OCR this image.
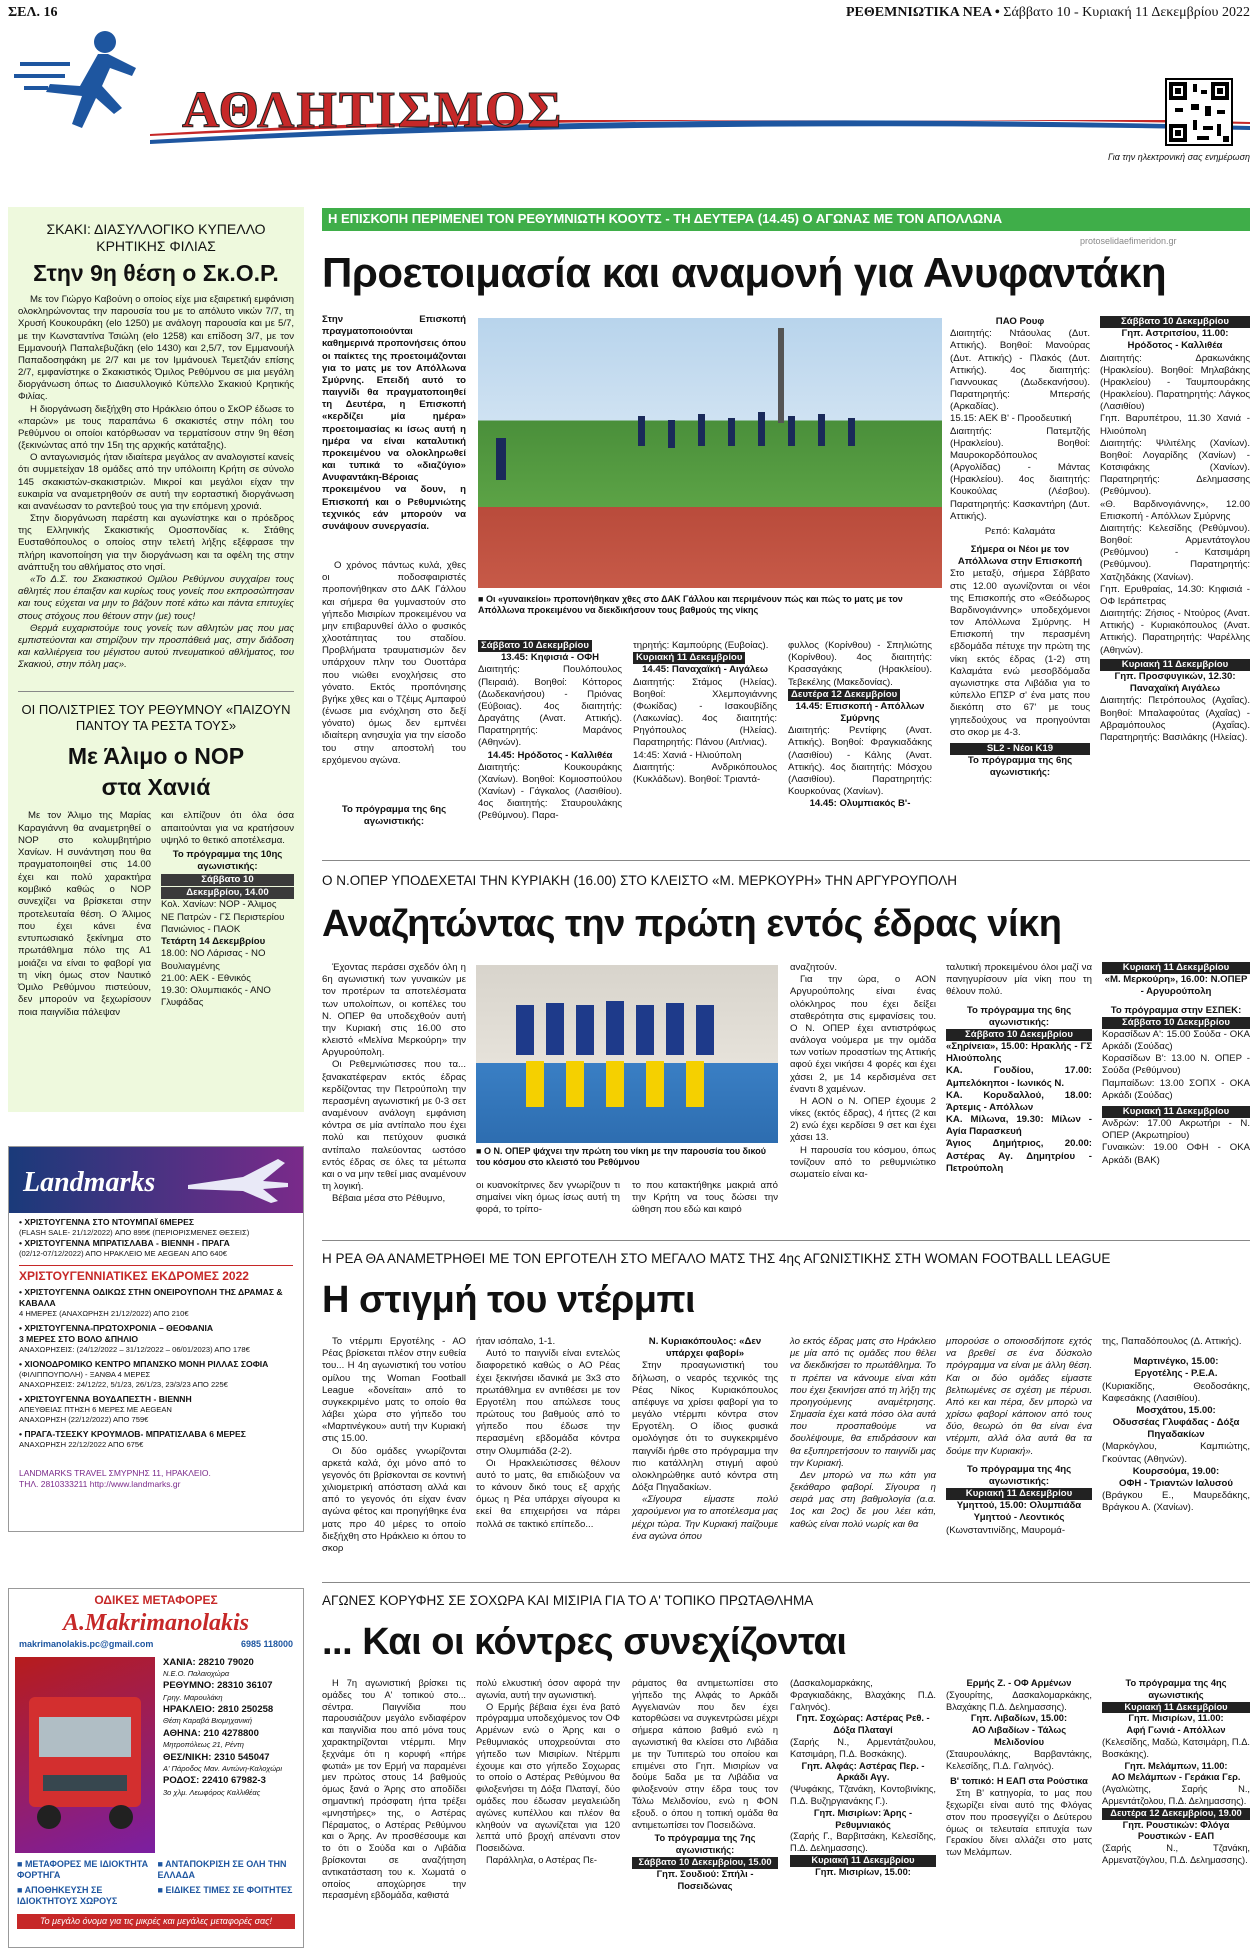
ΣΕΛ. 16	ΡΕΘΕΜΝΙΩΤΙΚΑ ΝΕΑ • Σάββατο 10 - Κυριακή 11 Δεκεμβρίου 2022
ΑΘΛΗΤΙΣΜΟΣ
Για την ηλεκτρονική σας ενημέρωση
ΣΚΑΚΙ: ΔΙΑΣΥΛΛΟΓΙΚΟ ΚΥΠΕΛΛΟ ΚΡΗΤΙΚΗΣ ΦΙΛΙΑΣ
Στην 9η θέση ο Σκ.Ο.Ρ.

Με τον Γιώργο Καβούνη ο οποίος είχε μια εξαιρετική εμφάνιση ολοκληρώνοντας την παρουσία του με το απόλυτο νικών 7/7, τη Χρυσή Κουκουράκη (elo 1250) με ανάλογη παρουσία και με 5/7, με την Κωνσταντίνα Τσιώλη (elo 1258) και επίδοση 3/7, με τον Εμμανουήλ Παπαλεβυζάκη (elo 1430) και 2,5/7, τον Εμμανουήλ Παπαδοσηφάκη με 2/7 και με τον Ιμμάνουελ Τεμετζιάν επίσης 2/7, εμφανίστηκε ο Σκακιστικός Όμιλος Ρεθύμνου σε μια μεγάλη διοργάνωση όπως το Διασυλλογικό Κύπελλο Σκακιού Κρητικής Φιλίας.

Η διοργάνωση διεξήχθη στο Ηράκλειο όπου ο ΣκΟΡ έδωσε το «παρών» με τους παραπάνω 6 σκακιστές στην πόλη του Ρεθύμνου οι οποίοι κατόρθωσαν να τερματίσουν στην 9η θέση (ξεκινώντας από την 15η της αρχικής κατάταξης).

Ο ανταγωνισμός ήταν ιδιαίτερα μεγάλος αν αναλογιστεί κανείς ότι συμμετείχαν 18 ομάδες από την υπόλοιπη Κρήτη σε σύνολο 145 σκακιστών-σκακιστριών. Μικροί και μεγάλοι είχαν την ευκαιρία να αναμετρηθούν σε αυτή την εορταστική διοργάνωση και ανανέωσαν το ραντεβού τους για την επόμενη χρονιά.

Στην διοργάνωση παρέστη και αγωνίστηκε και ο πρόεδρος της Ελληνικής Σκακιστικής Ομοσπονδίας κ. Στάθης Ευσταθόπουλος ο οποίος στην τελετή λήξης εξέφρασε την πλήρη ικανοποίηση για την διοργάνωση και τα οφέλη της στην ανάπτυξη του αθλήματος στο νησί.

«Το Δ.Σ. του Σκακιστικού Ομίλου Ρεθύμνου συγχαίρει τους αθλητές που έπαιξαν και κυρίως τους γονείς που εκπροσώπησαν και τους εύχεται να μην το βάζουν ποτέ κάτω και πάντα επιτυχίες στους στόχους που θέτουν στην (με) τους!

Θερμά ευχαριστούμε τους γονείς των αθλητών μας που μας εμπιστεύονται και στηρίζουν την προσπάθειά μας, στην διάδοση και καλλιέργεια του μέγιστου αυτού πνευματικού αθλήματος, του Σκακιού, στην πόλη μας».

ΟΙ ΠΟΛΙΣΤΡΙΕΣ ΤΟΥ ΡΕΘΥΜΝΟΥ «ΠΑΙΖΟΥΝ ΠΑΝΤΟΥ ΤΑ ΡΕΣΤΑ ΤΟΥΣ»
Με Άλιμο ο ΝΟΡ
στα Χανιά
Με τον Άλιμο της Μαρίας Καραγιάννη θα αναμετρηθεί ο ΝΟΡ στο κολυμβητήριο Χανίων. Η συνάντηση που θα πραγματοποιηθεί στις 14.00 έχει και πολύ χαρακτήρα κομβικό καθώς ο ΝΟΡ συνεχίζει να βρίσκεται στην προτελευταία θέση. Ο Άλιμος που έχει κάνει ένα εντυπωσιακό ξεκίνημα στο πρωτάθλημα πόλο της Α1 μοιάζει να είναι το φαβορί για τη νίκη όμως στον Ναυτικό Όμιλο Ρεθύμνου πιστεύουν, δεν μπορούν να ξεχωρίσουν ποια παιγνίδια πάλεψαν
και ελπίζουν ότι όλα όσα απαιτούνται για να κρατήσουν υψηλό το θετικό αποτέλεσμα.
Το πρόγραμμα της 10ης αγωνιστικής:
Σάββατο 10
Δεκεμβρίου, 14.00
Κολ. Χανίων: ΝΟΡ - Άλιμος
ΝΕ Πατρών - ΓΣ Περιστερίου
Πανιώνιος - ΠΑΟΚ
Τετάρτη 14 Δεκεμβρίου
18.00: ΝΟ Λάρισας - ΝΟ Βουλιαγμένης
21.00: ΑΕΚ - Εθνικός
19.30: Ολυμπιακός - ΑΝΟ Γλυφάδας
Landmarks
• ΧΡΙΣΤΟΥΓΕΝΝΑ ΣΤΟ ΝΤΟΥΜΠΑΪ 6ΜΕΡΕΣ
(FLASH SALE- 21/12/2022) ΑΠΟ 895€ (ΠΕΡΙΟΡΙΣΜΕΝΕΣ ΘΕΣΕΙΣ)
• ΧΡΙΣΤΟΥΓΕΝΝΑ ΜΠΡΑΤΙΣΛΑΒΑ - ΒΙΕΝΝΗ - ΠΡΑΓΑ
(02/12-07/12/2022) ΑΠΟ ΗΡΑΚΛΕΙΟ ΜΕ AEGEAN ΑΠΟ 640€
ΧΡΙΣΤΟΥΓΕΝΝΙΑΤΙΚΕΣ ΕΚΔΡΟΜΕΣ 2022
• ΧΡΙΣΤΟΥΓΕΝΝΑ ΟΔΙΚΩΣ ΣΤΗΝ ΟΝΕΙΡΟΥΠΟΛΗ ΤΗΣ ΔΡΑΜΑΣ & ΚΑΒΑΛΑ
4 ΗΜΕΡΕΣ (ΑΝΑΧΩΡΗΣΗ 21/12/2022) ΑΠΟ 210€
• ΧΡΙΣΤΟΥΓΕΝΝΑ-ΠΡΩΤΟΧΡΟΝΙΑ – ΘΕΟΦΑΝΙΑ
3 ΜΕΡΕΣ ΣΤΟ ΒΟΛΟ &ΠΗΛΙΟ
ΑΝΑΧΩΡΗΣΕΙΣ: (24/12/2022 – 31/12/2022 – 06/01/2023) ΑΠΟ 178€
• ΧΙΟΝΟΔΡΟΜΙΚΟ ΚΕΝΤΡΟ ΜΠΑΝΣΚΟ ΜΟΝΗ ΡΙΛΛΑΣ ΣΟΦΙΑ
(ΦΙΛΙΠΠΟΥΠΟΛΗ) - ΞΑΝΘΑ 4 ΜΕΡΕΣ
ΑΝΑΧΩΡΗΣΕΙΣ: 24/12/22, 5/1/23, 26/1/23, 23/3/23 ΑΠΟ 225€
• ΧΡΙΣΤΟΥΓΕΝΝΑ ΒΟΥΔΑΠΕΣΤΗ - ΒΙΕΝΝΗ
ΑΠΕΥΘΕΙΑΣ ΠΤΗΣΗ 6 ΜΕΡΕΣ ΜΕ AEGEAN
ΑΝΑΧΩΡΗΣΗ (22/12/2022) ΑΠΟ 759€
• ΠΡΑΓΑ-ΤΣΕΣΚΥ ΚΡΟΥΜΛΟΒ- ΜΠΡΑΤΙΣΛΑΒΑ 6 ΜΕΡΕΣ
ΑΝΑΧΩΡΗΣΗ 22/12/2022 ΑΠΟ 675€
LANDMARKS TRAVEL ΣΜΥΡΝΗΣ 11, ΗΡΑΚΛΕΙΟ.
ΤΗΛ. 2810333211 http://www.landmarks.gr
ΟΔΙΚΕΣ ΜΕΤΑΦΟΡΕΣ
A.Makrimanolakis
makrimanolakis.pc@gmail.com	6985 118000
ΧΑΝΙΑ: 28210 79020
Ν.Ε.Ο. Παλαιοχώρα
ΡΕΘΥΜΝΟ: 28310 36107
Γρηγ. Μαρουλάκη
ΗΡΑΚΛΕΙΟ: 2810 250258
Θέση Καραβά Βιομηχανική
ΑΘΗΝΑ: 210 4278800
Μητροπόλεως 21, Ρέντη
ΘΕΣ/ΝΙΚΗ: 2310 545047
Α' Πάροδος Μαν. Αντώνη-Καλοχώρι
ΡΟΔΟΣ: 22410 67982-3
3ο χλμ. Λεωφόρος Καλλιθέας
■ ΜΕΤΑΦΟΡΕΣ ΜΕ ΙΔΙΟΚΤΗΤΑ ΦΟΡΤΗΓΑ
■ ΑΝΤΑΠΟΚΡΙΣΗ ΣΕ ΟΛΗ ΤΗΝ ΕΛΛΑΔΑ
■ ΑΠΟΘΗΚΕΥΣΗ ΣΕ ΙΔΙΟΚΤΗΤΟΥΣ ΧΩΡΟΥΣ
■ ΕΙΔΙΚΕΣ ΤΙΜΕΣ ΣΕ ΦΟΙΤΗΤΕΣ
Το μεγάλο όνομα για τις μικρές και μεγάλες μεταφορές σας!
Η ΕΠΙΣΚΟΠΗ ΠΕΡΙΜΕΝΕΙ ΤΟΝ ΡΕΘΥΜΝΙΩΤΗ ΚΟΟΥΤΣ - ΤΗ ΔΕΥΤΕΡΑ (14.45) Ο ΑΓΩΝΑΣ ΜΕ ΤΟΝ ΑΠΟΛΛΩΝΑ
protoselidaefimeridon.gr
Προετοιμασία και αναμονή για Ανυφαντάκη
Στην Επισκοπή πραγματοποιούνται καθημερινά προπονήσεις όπου οι παίκτες της προετοιμάζονται για το ματς με τον Απόλλωνα Σμύρνης. Επειδή αυτό το παιγνίδι θα πραγματοποιηθεί τη Δευτέρα, η Επισκοπή «κερδίζει μία ημέρα» προετοιμασίας κι ίσως αυτή η ημέρα να είναι καταλυτική προκειμένου να ολοκληρωθεί και τυπικά το «διαζύγιο» Ανυφαντάκη-Βέροιας προκειμένου να δουν, η Επισκοπή και ο Ρεθυμνιώτης τεχνικός εάν μπορούν να συνάψουν συνεργασία.
Ο χρόνος πάντως κυλά, χθες οι ποδοσφαιριστές προπονήθηκαν στο ΔΑΚ Γάλλου και σήμερα θα γυμναστούν στο γήπεδο Μισιρίων προκειμένου να μην επιβαρυνθεί άλλο ο φυσικός χλοοτάπητας του σταδίου. Προβλήματα τραυματισμών δεν υπάρχουν πλην του Ουοττάρα που νιώθει ενοχλήσεις στο γόνατο. Εκτός προπόνησης βγήκε χθες και ο Τζέιμς Αμπαφού (ένωσε μια ενόχληση στο δεξί γόνατο) όμως δεν εμπνέει ιδιαίτερη ανησυχία για την είσοδο του στην αποστολή του ερχόμενου αγώνα.
Το πρόγραμμα της 6ης αγωνιστικής:
■ Οι «γυναικείοι» προπονήθηκαν χθες στο ΔΑΚ Γάλλου και περιμένουν πώς και πώς το ματς με τον Απόλλωνα προκειμένου να διεκδικήσουν τους βαθμούς της νίκης
Σάββατο 10 Δεκεμβρίου
13.45: Κηφισιά - ΟΦΗ
Διαιτητής: Πουλόπουλος (Πειραιά). Βοηθοί: Κόττορος (Δωδεκανήσου) - Πριόνας (Εύβοιας). 4ος διαιτητής: Δραγάτης (Ανατ. Αττικής). Παρατηρητής: Μαράνος (Αθηνών).
14.45: Ηρόδοτος - Καλλιθέα
Διαιτητής: Κουκουράκης (Χανίων). Βοηθοί: Κομιοσπούλου (Χανίων) - Γάγκαλος (Λασιθίου). 4ος διαιτητής: Σταυρουλάκης (Ρεθύμνου). Παρα-
τηρητής: Καμπούρης (Ευβοίας).
Κυριακή 11 Δεκεμβρίου
14.45: Παναχαϊκή - Αιγάλεω
Διαιτητής: Στάμος (Ηλείας). Βοηθοί: Χλεμπογιάννης (Φωκίδας) - Ισακουβίδης (Λακωνίας). 4ος διαιτητής: Ρηγόπουλος (Ηλείας). Παρατηρητής: Πάνου (Αιτ/νιας).
14:45: Χανιά - Ηλιούπολη
Διαιτητής: Ανδρικόπουλος (Κυκλάδων). Βοηθοί: Τριαντά-
φυλλος (Κορίνθου) - Σπηλιώτης (Κορίνθου). 4ος διαιτητής: Κρασαγάκης (Ηρακλείου). Τεβεκέλης (Μακεδονίας).
Δευτέρα 12 Δεκεμβρίου
14.45: Επισκοπή - Απόλλων Σμύρνης
Διαιτητής: Ρεντίφης (Ανατ. Αττικής). Βοηθοί: Φραγκιαδάκης (Λασιθίου) - Κάλης (Ανατ. Αττικής). 4ος διαιτητής: Μόσχου (Λασιθίου). Παρατηρητής: Κουρκούνας (Χανίων).
14.45: Ολυμπιακός Β'-
ΠΑΟ Ρουφ
Διαιτητής: Ντάουλας (Δυτ. Αττικής). Βοηθοί: Μανούρας (Δυτ. Αττικής) - Πλακός (Δυτ. Αττικής). 4ος διαιτητής: Γιαννουκας (Δωδεκανήσου). Παρατηρητής: Μπερσής (Αρκαδίας).
15.15: ΑΕΚ Β' - Προοδευτική
Διαιτητής: Πατεμτζής (Ηρακλείου). Βοηθοί: Μαυροκορδόπουλος (Αργολίδας) - Μάντας (Ηρακλείου). 4ος διαιτητής: Κουκούλας (Λέσβου). Παρατηρητής: Κασκαντήρη (Δυτ. Αττικής).
Ρεπό: Καλαμάτα
Σήμερα οι Νέοι με τον Απόλλωνα στην Επισκοπή
Στο μεταξύ, σήμερα Σάββατο στις 12.00 αγωνίζονται οι νέοι της Επισκοπής στο «Θεόδωρος Βαρδινογιάννης» υποδεχόμενοι τον Απόλλωνα Σμύρνης. Η Επισκοπή την περασμένη εβδομάδα πέτυχε την πρώτη της νίκη εκτός έδρας (1-2) στη Καλαμάτα ενώ μεσοβδόμαδα αγωνιστηκε στα Λιβάδια για το κύπελλο ΕΠΣΡ σ' ένα ματς που διεκόπη στο 67' με τους γηπεδούχους να προηγούνται στο σκορ με 4-3.
SL2 - Νέοι Κ19
Το πρόγραμμα της 6ης αγωνιστικής:
Σάββατο 10 Δεκεμβρίου
Γηπ. Αστριτσίου, 11.00:
Ηρόδοτος - Καλλιθέα
Διαιτητής: Δρακωνάκης (Ηρακλείου). Βοηθοί: Μηλαβάκης (Ηρακλείου) - Ταυμπουράκης (Ηρακλείου). Παρατηρητής: Λάγκος (Λασιθίου)
Γηπ. Βαρυπέτρου, 11.30 Χανιά - Ηλιούπολη
Διαιτητής: Ψιλιτέλης (Χανίων). Βοηθοί: Λογαρίδης (Χανίων) - Κοτσιφάκης (Χανίων). Παρατηρητής: Δελημασσης (Ρεθύμνου).
«Θ. Βαρδινογιάννης», 12.00 Επισκοπή - Απόλλων Σμύρνης
Διαιτητής: Κελεσίδης (Ρεθύμνου). Βοηθοί: Αρμεντάτογλου (Ρεθύμνου) - Κατσιμάρη (Ρεθύμνου). Παρατηρητής: Χατζηδάκης (Χανίων).
Γηπ. Ερυθραίας, 14.30: Κηφισιά - ΟΦ Ιεράπετρας
Διαιτητής: Ζήσιος - Ντούρος (Ανατ. Αττικής) - Κυριακόπουλος (Ανατ. Αττικής). Παρατηρητής: Ψαρέλλης (Αθηνών).
Κυριακή 11 Δεκεμβρίου
Γηπ. Προσφυγικών, 12.30:
Παναχαϊκή Αιγάλεω
Διαιτητής: Πετρόπουλος (Αχαΐας). Βοηθοί: Μπαλαφούτας (Αχαΐας) - Αβραμόπουλος (Αχαΐας). Παρατηρητής: Βασιλάκης (Ηλείας).
Ο Ν.ΟΠΕΡ ΥΠΟΔΕΧΕΤΑΙ ΤΗΝ ΚΥΡΙΑΚΗ (16.00) ΣΤΟ ΚΛΕΙΣΤΟ «Μ. ΜΕΡΚΟΥΡΗ» ΤΗΝ ΑΡΓΥΡΟΥΠΟΛΗ
Αναζητώντας την πρώτη εντός έδρας νίκη
Έχοντας περάσει σχεδόν όλη η 6η αγωνιστική των γυναικών με τον προτέρων τα αποτελέσματα των υπολοίπων, οι κοπέλες του Ν. ΟΠΕΡ θα υποδεχθούν αυτή την Κυριακή στις 16.00 στο κλειστό «Μελίνα Μερκούρη» την Αργυρούπολη.
Οι Ρεθεμνιώτισσες που τα... ξανακατέφεραν εκτός έδρας κερδίζοντας την Πετρούπολη την περασμένη αγωνιστική με 0-3 σετ αναμένουν ανάλογη εμφάνιση κόντρα σε μία αντίπαλο που έχει πολύ και πετύχουν φυσικά αντίπαλο παλεύοντας ωστόσο εντός έδρας σε όλες τα μέτωπα και ο να μην τεθεί μιας αναμένουν τη λογική.
Βέβαια μέσα στο Ρέθυμνο,
■ Ο Ν. ΟΠΕΡ ψάχνει την πρώτη του νίκη με την παρουσία του δικού του κόσμου στο κλειστό του Ρεθύμνου
οι κυανοκίτρινες δεν γνωρίζουν τι σημαίνει νίκη όμως ίσως αυτή τη φορά, το τρίπο-
το που κατακτήθηκε μακριά από την Κρήτη να τους δώσει την ώθηση που εδώ και καιρό
αναζητούν.
Για την ώρα, ο ΑΟΝ Αργυρούπολης είναι ένας ολόκληρος που έχει δείξει σταθερότητα στις εμφανίσεις του. Ο Ν. ΟΠΕΡ έχει αντιστρόφως ανάλογα νούμερα με την ομάδα των νοτίων προαστίων της Αττικής αφού έχει νικήσει 4 φορές και έχει χάσει 2, με 14 κερδισμένα σετ έναντι 8 χαμένων.
Η ΑΟΝ ο Ν. ΟΠΕΡ έχουμε 2 νίκες (εκτός έδρας), 4 ήττες (2 και 2) ενώ έχει κερδίσει 9 σετ και έχει χάσει 13.
Η παρουσία του κόσμου, όπως τονίζουν από το ρεθυμνιώτικο σωματείο είναι κα-
ταλυτική προκειμένου όλοι μαζί να πανηγυρίσουν μία νίκη που τη θέλουν πολύ.
Το πρόγραμμα της 6ης αγωνιστικής:
Σάββατο 10 Δεκεμβρίου
«Σηρίνεια», 15.00: Ηρακλής - ΓΣ Ηλιούπολης
ΚΑ. Γουδίου, 17.00: Αμπελόκηποι - Ιωνικός Ν.
ΚΑ. Κορυδαλλού, 18.00: Άρτεμις - Απόλλων
ΚΑ. Μίλωνα, 19.30: Μίλων - Αγία Παρασκευή
Άγιος Δημήτριος, 20.00: Αστέρας Αγ. Δημητρίου - Πετρούπολη
Κυριακή 11 Δεκεμβρίου
«Μ. Μερκούρη», 16.00: Ν.ΟΠΕΡ - Αργυρούπολη
Το πρόγραμμα στην ΕΣΠΕΚ:
Σάββατο 10 Δεκεμβρίου
Κορασίδων Α': 15.00 Σούδα - ΟΚΑ Αρκάδι (Σούδας)
Κορασίδων Β': 13.00 Ν. ΟΠΕΡ - Σούδα (Ρεθύμνου)
Παμπαίδων: 13.00 ΣΟΠΧ - ΟΚΑ Αρκάδι (Σούδας)
Κυριακή 11 Δεκεμβρίου
Ανδρών: 17.00 Ακρωτήρι - Ν. ΟΠΕΡ (Ακρωτηρίου)
Γυναικών: 19.00 ΟΦΗ - ΟΚΑ Αρκάδι (ΒΑΚ)
Η ΡΕΑ ΘΑ ΑΝΑΜΕΤΡΗΘΕΙ ΜΕ ΤΟΝ ΕΡΓΟΤΕΛΗ ΣΤΟ ΜΕΓΑΛΟ ΜΑΤΣ ΤΗΣ 4ης ΑΓΩΝΙΣΤΙΚΗΣ ΣΤΗ WOMAN FOOTBALL LEAGUE
Η στιγμή του ντέρμπι
Το ντέρμπι Εργοτέλης - ΑΟ Ρέας βρίσκεται πλέον στην ευθεία του... Η 4η αγωνιστική του νοτίου ομίλου της Woman Football League «δονείται» από το συγκεκριμένο ματς το οποίο θα λάβει χώρα στο γήπεδο του «Μαρτινέγκου» αυτή την Κυριακή στις 15.00.
Οι δύο ομάδες γνωρίζονται αρκετά καλά, όχι μόνο από το γεγονός ότι βρίσκονται σε κοντινή χιλιομετρική απόσταση αλλά και από το γεγονός ότι είχαν έναν αγώνα φέτος και προηγήθηκε ένα ματς προ 40 μέρες το οποίο διεξήχθη στο Ηράκλειο κι όπου το σκορ
ήταν ισόπαλο, 1-1.
Αυτό το παιγνίδι είναι εντελώς διαφορετικό καθώς ο ΑΟ Ρέας έχει ξεκινήσει ιδανικά με 3x3 στο πρωτάθλημα εν αντιθέσει με τον Εργοτέλη που απώλεσε τους πρώτους του βαθμούς από το γήπεδο που έδωσε την περασμένη εβδομάδα κόντρα στην Ολυμπιάδα (2-2).
Οι Ηρακλειώτισσες θέλουν αυτό το ματς, θα επιδιώξουν να το κάνουν δικό τους εξ αρχής όμως η Ρέα υπάρχει σίγουρα κι εκεί θα επιχειρήσει να πάρει πολλά σε τακτικό επίπεδο...
Ν. Κυριακόπουλος: «Δεν υπάρχει φαβορί»
Στην προαγωνιστική του δήλωση, ο νεαρός τεχνικός της Ρέας Νίκος Κυριακόπουλος απέφυγε να χρίσει φαβορί για το μεγάλο ντέρμπι κόντρα στον Εργοτέλη. Ο ίδιος φυσικά ομολόγησε ότι το συγκεκριμένο παιγνίδι ήρθε στο πρόγραμμα την πιο κατάλληλη στιγμή αφού ολοκληρώθηκε αυτό κόντρα στη Δόξα Πηγαδακίων.
«Σίγουρα είμαστε πολύ χαρούμενοι για το αποτέλεσμα μας μέχρι τώρα. Την Κυριακή παίζουμε ένα αγώνα όπου
λο εκτός έδρας ματς στο Ηράκλειο με μία από τις ομάδες που θέλει να διεκδικήσει το πρωτάθλημα. Το τι πρέπει να κάνουμε είναι κάτι που έχει ξεκινήσει από τη λήξη της προηγούμενης αναμέτρησης. Σημασία έχει κατά πόσο όλα αυτά που προσπαθούμε να δουλέψουμε, θα επιδράσουν και θα εξυπηρετήσουν το παιγνίδι μας την Κυριακή.
Δεν μπορώ να πω κάτι για ξεκάθαρο φαβορί. Σίγουρα η σειρά μας στη βαθμολογία (α.α. 1ος και 2ος) δε μου λέει κάτι, καθώς είναι πολύ νωρίς και θα
μπορούσε ο οποιοσδήποτε εχτός να βρεθεί σε ένα δύσκολο πρόγραμμα να είναι με άλλη θέση. Και οι δύο ομάδες είμαστε βελτιωμένες σε σχέση με πέρυσι. Από κει και πέρα, δεν μπορώ να χρίσω φαβορί κάποιον από τους δύο, θεωρώ ότι θα είναι ένα ντέρμπι, αλλά όλα αυτά θα τα δούμε την Κυριακή».
Το πρόγραμμα της 4ης αγωνιστικής:
Κυριακή 11 Δεκεμβρίου
Υμηττού, 15.00: Ολυμπιάδα Υμηττού - Λεοντικός
(Κωνσταντινίδης, Μαυρομά-
της, Παπαδόπουλος (Δ. Αττικής).
Μαρτινέγκο, 15.00:
Εργοτέλης - Ρ.Ε.Α.
(Κυριακίδης, Θεοδοσάκης, Καφεσάκης (Λασιθίου).
Μοσχάτου, 15.00:
Οδυσσέας Γλυφάδας - Δόξα Πηγαδακίων
(Μαρκόγλου, Καμπιώτης, Γκούντας (Αθηνών).
Κουρσούμα, 19.00:
ΟΦΗ - Τριαντών Ιαλυσού
(Βράγκου Ε., Μαυρεδάκης, Βράγκου Α. (Χανίων).
ΑΓΩΝΕΣ ΚΟΡΥΦΗΣ ΣΕ ΣΟΧΩΡΑ ΚΑΙ ΜΙΣΙΡΙΑ ΓΙΑ ΤΟ Α' ΤΟΠΙΚΟ ΠΡΩΤΑΘΛΗΜΑ
... Και οι κόντρες συνεχίζονται
Η 7η αγωνιστική βρίσκει τις ομάδες του Α' τοπικού στο... σέντρα. Παιγνίδια που παρουσιάζουν μεγάλο ενδιαφέρον και παιγνίδια που από μόνα τους χαρακτηρίζονται ντέρμπι. Μην ξεχνάμε ότι η κορυφή «πήρε φωτιά» με τον Ερμή να παραμένει μεν πρώτος στους 14 βαθμούς όμως ξανά ο Άρης στο αποδίδει σημαντική πρόσφατη ήττα τρέξει «μνηστήρες» της, ο Αστέρας Πέραματος, ο Αστέρας Ρεθύμνου και ο Άρης. Αν προσθέσουμε και το ότι ο Σούδα και ο Λιβάδια βρίσκονται σε αναζήτηση αντικατάσταση του κ. Χωματά ο οποίος αποχώρησε την περασμένη εβδομάδα, καθιστά
πολύ ελκυστική όσον αφορά την αγωνία, αυτή την αγωνιστική.
Ο Ερμής βέβαια έχει ένα βατό πρόγραμμα υποδεχόμενος τον ΟΦ Αρμένων ενώ ο Άρης και ο Ρεθυμνιακός υποχρεούνται στο γήπεδο των Μισιρίων. Ντέρμπι έχουμε και στο γήπεδο Σοχωρας το οποίο ο Αστέρας Ρεθύμνου θα φιλοξενήσει τη Δόξα Πλαταγί, δύο ομάδες που έδωσαν μεγαλειώδη αγώνες κυπέλλου και πλέον θα κληθούν να αγωνίζεται για 120 λεπτά υπό βροχή απέναντι στον Ποσειδώνα.
Παράλληλα, ο Αστέρας Πε-
ράματος θα αντιμετωπίσει στο γήπεδο της Αλφάς το Αρκάδι Αγγελιανών που δεν έχει κατορθώσει να συγκεντρώσει μέχρι σήμερα κάποιο βαθμό ενώ η αγωνιστική θα κλείσει στο Λιβάδια με την Τυπιτερώ του οποίου και επιμένει στο Γηπ. Μισιρίων να δούμε 5αδα με τα Λιβάδια να φιλοξενούν στην έδρα τους τον Τάλω Μελιδονίου, ενώ η ΦΟΝ εξουδ. ο όπου η τοπική ομάδα θα αντιμετωπίσει τον Ποσειδώνα.
Το πρόγραμμα της 7ης αγωνιστικής:
Σάββατο 10 Δεκεμβρίου, 15.00
Γηπ. Σουδιού: Σπήλι - Ποσειδώνας
(Δασκαλομαρκάκης, Φραγκιαδάκης, Βλαχάκης Π.Δ. Γαληνός).
Γηπ. Σοχώρας: Αστέρας Ρεθ. - Δόξα Πλαταγί
(Σαρής Ν., Αρμεντάτζουλου, Κατσιμάρη, Π.Δ. Βοσκάκης).
Γηπ. Αλφάς: Αστέρας Περ. - Αρκάδι Αγγ.
(Ψυφάκης, Τζανάκη, Κοντοβινίκης, Π.Δ. Βυζηργιανάκης Γ.).
Γηπ. Μισιρίων: Άρης - Ρεθυμνιακός
(Σαρής Γ., Βαρβιτσάκη, Κελεσίδης, Π.Δ. Δελημασσης).
Κυριακή 11 Δεκεμβρίου
Γηπ. Μισιρίων, 15.00:
Ερμής Ζ. - ΟΦ Αρμένων
(Σγουρίτης, Δασκαλομαρκάκης, Βλαχάκης Π.Δ. Δελημασσης).
Γηπ. Λιβαδίων, 15.00:
ΑΟ Λιβαδίων - Τάλως Μελιδονίου
(Σταυρουλάκης, Βαρβαντάκης, Κελεσίδης, Π.Δ. Γαληνός).
Β' τοπικό: Η ΕΑΠ στα Ρούστικα
Στη Β' κατηγορία, το μας που ξεχωρίζει είναι αυτό της Φλόγας στον που προσεγγίζει ο Δεύτερου όμως οι τελευταία επιτυχία των Γερακίου δίνει αλλάζει στο ματς των Μελάμπων.
Το πρόγραμμα της 4ης αγωνιστικής
Κυριακή 11 Δεκεμβρίου
Γηπ. Μισιρίων, 11.00:
Αφή Γωνιά - Απόλλων
(Κελεσίδης, Μαδώ, Κατσιμάρη, Π.Δ. Βοσκάκης).
Γηπ. Μελάμπων, 11.00:
ΑΟ Μελάμπων - Γεράκια Γερ.
(Αγαλιώτης, Σαρής Ν., Αρμεντάτζολου, Π.Δ. Δελημασσης).
Δευτέρα 12 Δεκεμβρίου, 19.00
Γηπ. Ρουστικών: Φλόγα Ρουστικών - ΕΑΠ
(Σαρής Ν., Τζανάκη, Αρμενατζόγλου, Π.Δ. Δελημασσης).
